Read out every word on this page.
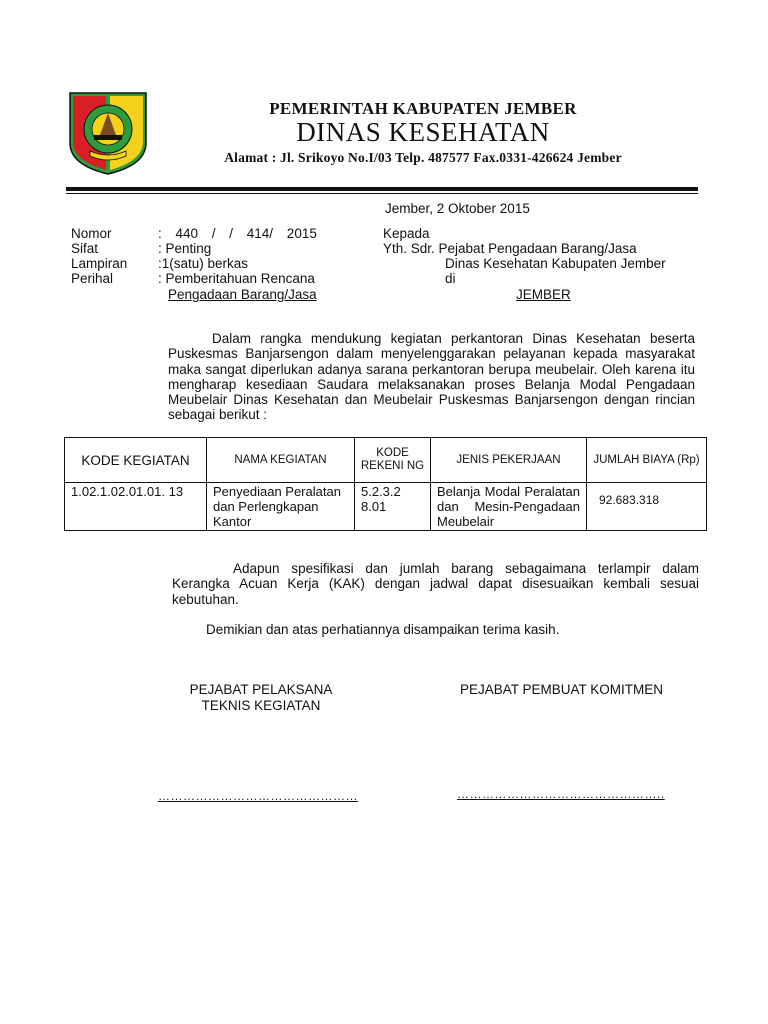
PEMERINTAH KABUPATEN JEMBER
DINAS KESEHATAN
Alamat : Jl. Srikoyo No.I/03 Telp. 487577 Fax.0331-426624 Jember
Jember, 2 Oktober 2015
Nomor	: 440 / / 414/ 2015
Sifat	: Penting
Lampiran :1(satu) berkas
Perihal	: Pemberitahuan Rencana
Pengadaan Barang/Jasa
Kepada
Yth. Sdr. Pejabat Pengadaan Barang/Jasa
Dinas Kesehatan Kabupaten Jember
di
JEMBER
Dalam rangka mendukung kegiatan perkantoran Dinas Kesehatan beserta Puskesmas Banjarsengon dalam menyelenggarakan pelayanan kepada masyarakat maka sangat diperlukan adanya sarana perkantoran berupa meubelair. Oleh karena itu mengharap kesediaan Saudara melaksanakan proses Belanja Modal Pengadaan Meubelair Dinas Kesehatan dan Meubelair Puskesmas Banjarsengon dengan rincian sebagai berikut :
KODE KEGIATAN	NAMA KEGIATAN	KODE REKENI NG	JENIS PEKERJAAN	JUMLAH BIAYA (Rp)
1.02.1.02.01.01. 13	Penyediaan Peralatan dan Perlengkapan Kantor	5.2.3.2 8.01	Belanja Modal Peralatan dan Mesin-Pengadaan Meubelair	92.683.318
Adapun spesifikasi dan jumlah barang sebagaimana terlampir dalam Kerangka Acuan Kerja (KAK) dengan jadwal dapat disesuaikan kembali sesuai kebutuhan.
Demikian dan atas perhatiannya disampaikan terima kasih.
PEJABAT PELAKSANA
TEKNIS KEGIATAN
PEJABAT PEMBUAT KOMITMEN
…………………………………………	…………………………………………..
